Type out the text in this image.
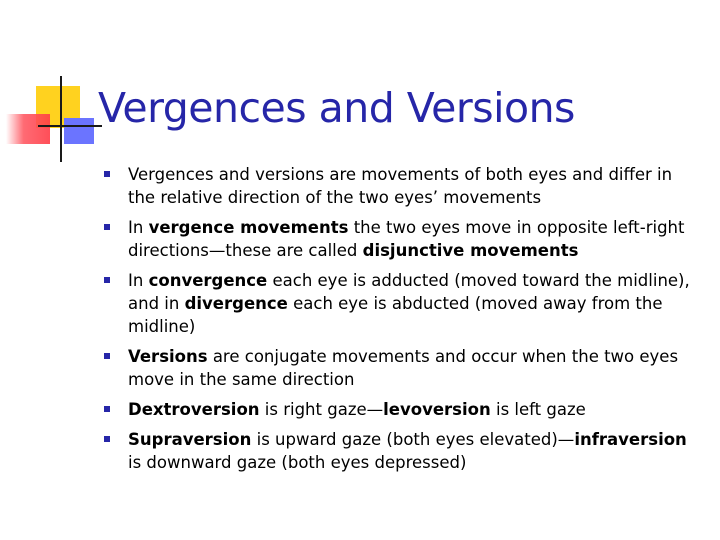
Vergences and Versions
Vergences and versions are movements of both eyes and differ in the relative direction of the two eyes’ movements
In vergence movements the two eyes move in opposite left-right directions—these are called disjunctive movements
In convergence each eye is adducted (moved toward the midline), and in divergence each eye is abducted (moved away from the midline)
Versions are conjugate movements and occur when the two eyes move in the same direction
Dextroversion is right gaze—levoversion is left gaze
Supraversion is upward gaze (both eyes elevated)—infraversion is downward gaze (both eyes depressed)
